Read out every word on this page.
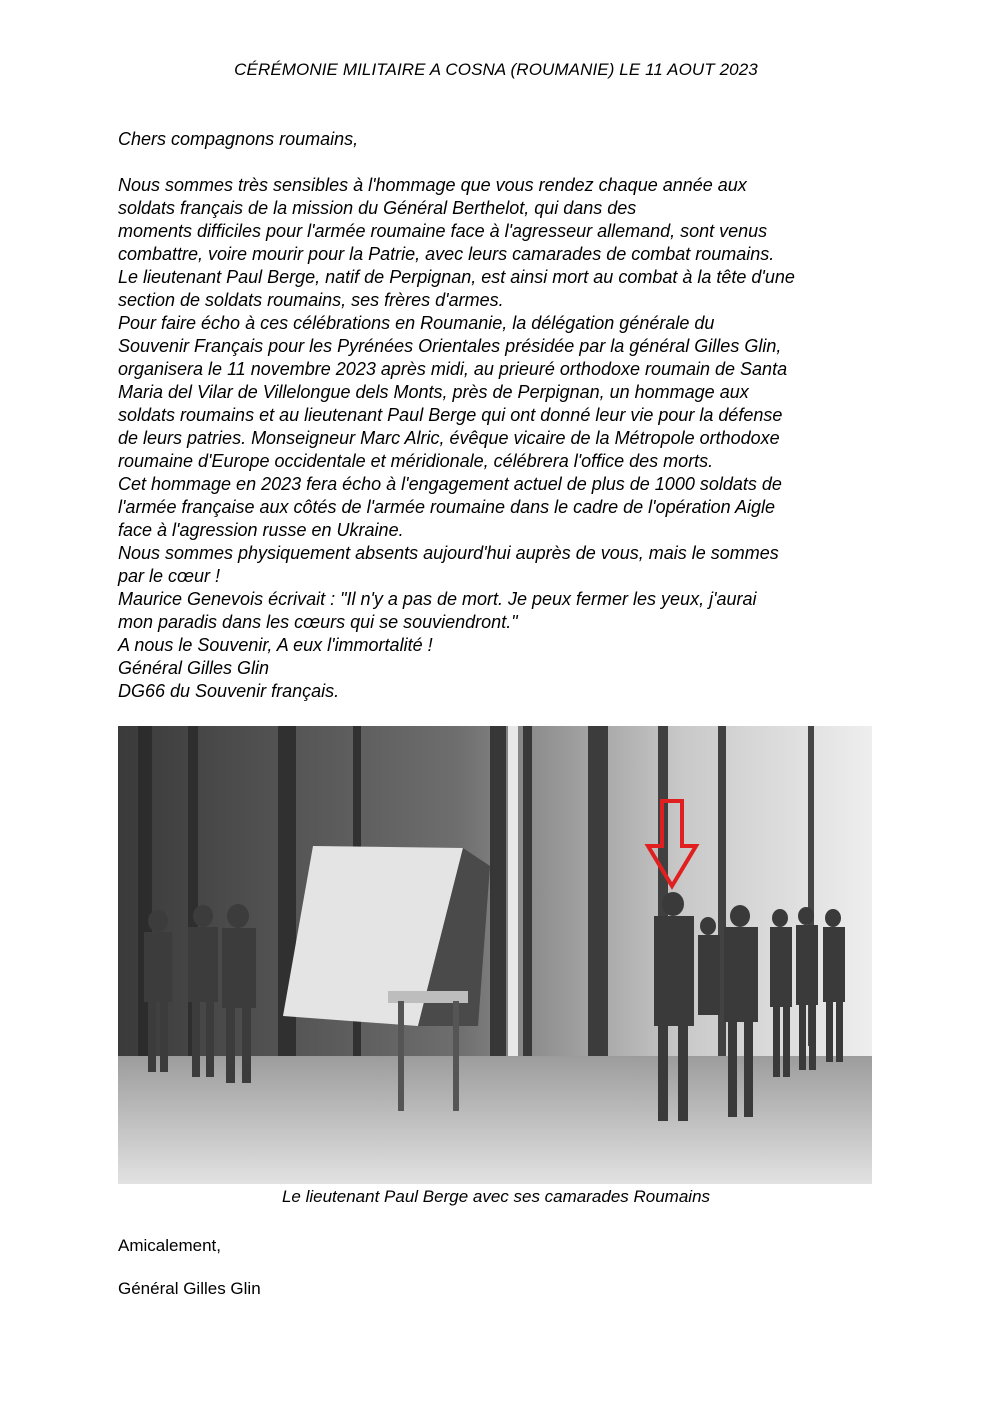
CÉRÉMONIE MILITAIRE A COSNA (ROUMANIE) LE 11 AOUT 2023

Chers compagnons roumains,

Nous sommes très sensibles à l'hommage que vous rendez chaque année aux

soldats français de la mission du Général Berthelot, qui dans des

moments difficiles pour l'armée roumaine face à l'agresseur allemand, sont venus

combattre, voire mourir pour la Patrie, avec leurs camarades de combat roumains.

Le lieutenant Paul Berge, natif de Perpignan, est ainsi mort au combat à la tête d'une

section de soldats roumains, ses frères d'armes.

Pour faire écho à ces célébrations en Roumanie, la délégation générale du

Souvenir Français pour les Pyrénées Orientales présidée par la général Gilles Glin,

organisera le 11 novembre 2023 après midi, au prieuré orthodoxe roumain de Santa

Maria del Vilar de Villelongue dels Monts, près de Perpignan, un hommage aux

soldats roumains et au lieutenant Paul Berge qui ont donné leur vie pour la défense

de leurs patries. Monseigneur Marc Alric, évêque vicaire de la Métropole orthodoxe

roumaine d'Europe occidentale et méridionale, célébrera l'office des morts.

Cet hommage en 2023 fera écho à l'engagement actuel de plus de 1000 soldats de

l'armée française aux côtés de l'armée roumaine dans le cadre de l'opération Aigle

face à l'agression russe en Ukraine.

Nous sommes physiquement absents aujourd'hui auprès de vous, mais le sommes

par le cœur !

Maurice Genevois écrivait : "Il n'y a pas de mort. Je peux fermer les yeux, j'aurai

mon paradis dans les cœurs qui se souviendront."

A nous le Souvenir, A eux l'immortalité !

Général Gilles Glin

DG66 du Souvenir français.

Le lieutenant Paul Berge avec ses camarades Roumains
Amicalement,
Général Gilles Glin
